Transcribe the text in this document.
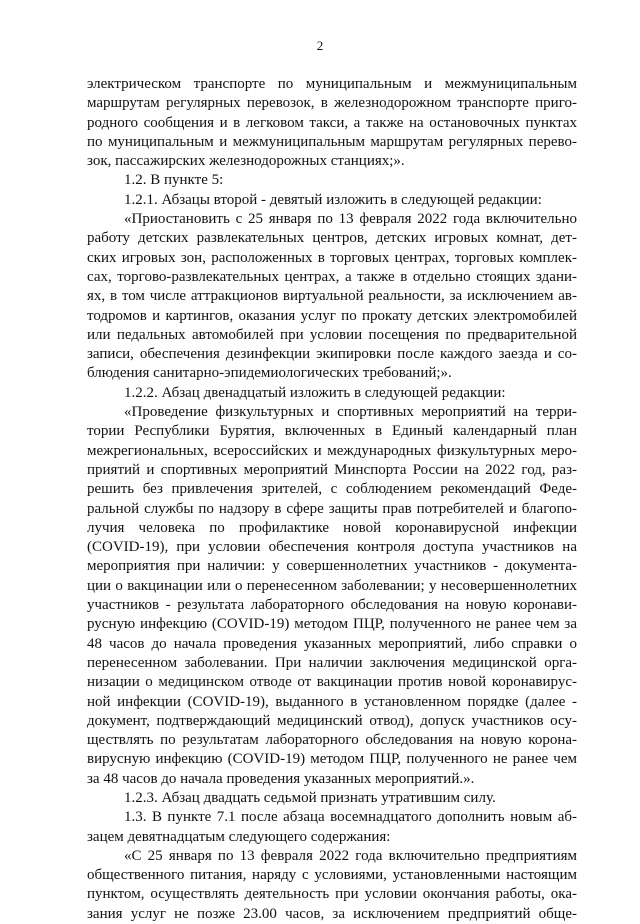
2

электрическом транспорте по муниципальным и межмуниципальным

маршрутам регулярных перевозок, в железнодорожном транспорте приго-

родного сообщения и в легковом такси, а также на остановочных пунктах

по муниципальным и межмуниципальным маршрутам регулярных перево-

зок, пассажирских железнодорожных станциях;».

1.2. В пункте 5:

1.2.1. Абзацы второй - девятый изложить в следующей редакции:

«Приостановить с 25 января по 13 февраля 2022 года включительно

работу детских развлекательных центров, детских игровых комнат, дет-

ских игровых зон, расположенных в торговых центрах, торговых комплек-

сах, торгово-развлекательных центрах, а также в отдельно стоящих здани-

ях, в том числе аттракционов виртуальной реальности, за исключением ав-

тодромов и картингов, оказания услуг по прокату детских электромобилей

или педальных автомобилей при условии посещения по предварительной

записи, обеспечения дезинфекции экипировки после каждого заезда и со-

блюдения санитарно-эпидемиологических требований;».

1.2.2. Абзац двенадцатый изложить в следующей редакции:

«Проведение физкультурных и спортивных мероприятий на терри-

тории Республики Бурятия, включенных в Единый календарный план

межрегиональных, всероссийских и международных физкультурных меро-

приятий и спортивных мероприятий Минспорта России на 2022 год, раз-

решить без привлечения зрителей, с соблюдением рекомендаций Феде-

ральной службы по надзору в сфере защиты прав потребителей и благопо-

лучия человека по профилактике новой коронавирусной инфекции

(COVID-19), при условии обеспечения контроля доступа участников на

мероприятия при наличии: у совершеннолетних участников - документа-

ции о вакцинации или о перенесенном заболевании; у несовершеннолетних

участников - результата лабораторного обследования на новую коронави-

русную инфекцию (COVID-19) методом ПЦР, полученного не ранее чем за

48 часов до начала проведения указанных мероприятий, либо справки о

перенесенном заболевании. При наличии заключения медицинской орга-

низации о медицинском отводе от вакцинации против новой коронавирус-

ной инфекции (COVID-19), выданного в установленном порядке (далее -

документ, подтверждающий медицинский отвод), допуск участников осу-

ществлять по результатам лабораторного обследования на новую корона-

вирусную инфекцию (COVID-19) методом ПЦР, полученного не ранее чем

за 48 часов до начала проведения указанных мероприятий.».

1.2.3. Абзац двадцать седьмой признать утратившим силу.

1.3. В пункте 7.1 после абзаца восемнадцатого дополнить новым аб-

зацем девятнадцатым следующего содержания:

«С 25 января по 13 февраля 2022 года включительно предприятиям

общественного питания, наряду с условиями, установленными настоящим

пунктом, осуществлять деятельность при условии окончания работы, ока-

зания услуг не позже 23.00 часов, за исключением предприятий обще-
